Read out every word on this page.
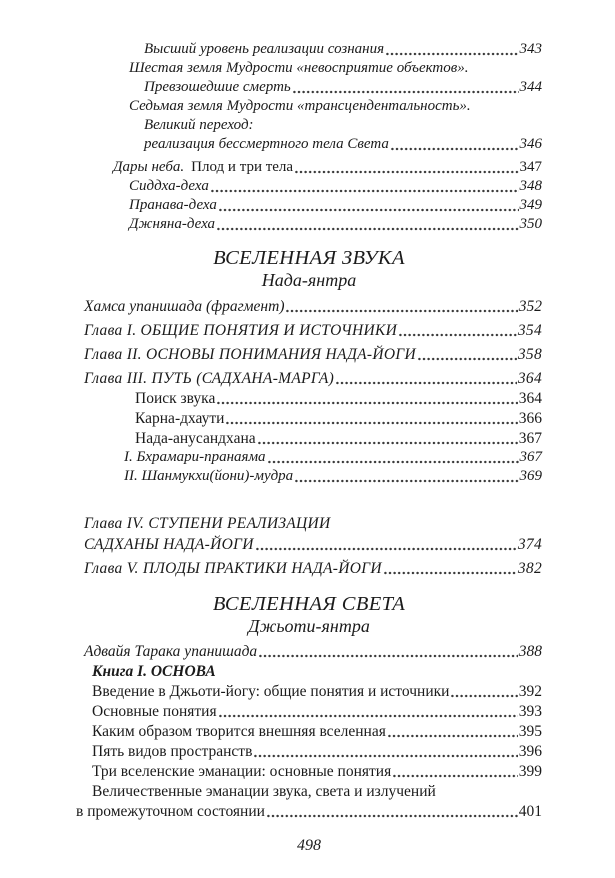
Высший уровень реализации сознания	343
Шестая земля Мудрости «невосприятие объектов».
Превзошедшие смерть	344
Седьмая земля Мудрости «трансцендентальность».
Великий переход:
реализация бессмертного тела Света	346
Дары неба. Плод и три тела	347
Сиддха-деха	348
Пранава-деха	349
Джняна-деха	350
ВСЕЛЕННАЯ ЗВУКА
Нада-янтра
Хамса упанишада (фрагмент)	352
Глава I. ОБЩИЕ ПОНЯТИЯ И ИСТОЧНИКИ	354
Глава II. ОСНОВЫ ПОНИМАНИЯ НАДА-ЙОГИ	358
Глава III. ПУТЬ (САДХАНА-МАРГА)	364
Поиск звука	364
Карна-дхаути	366
Нада-анусандхана	367
I. Бхрамари-пранаяма	367
II. Шанмукхи(йони)-мудра	369
Глава IV. СТУПЕНИ РЕАЛИЗАЦИИ
САДХАНЫ НАДА-ЙОГИ	374
Глава V. ПЛОДЫ ПРАКТИКИ НАДА-ЙОГИ	382
ВСЕЛЕННАЯ СВЕТА
Джьоти-янтра
Адвайя Тарака упанишада	388
Книга I. ОСНОВА
Введение в Джьоти-йогу: общие понятия и источники	392
Основные понятия	393
Каким образом творится внешняя вселенная	395
Пять видов пространств	396
Три вселенские эманации: основные понятия	399
Величественные эманации звука, света и излучений
в промежуточном состоянии	401
498
